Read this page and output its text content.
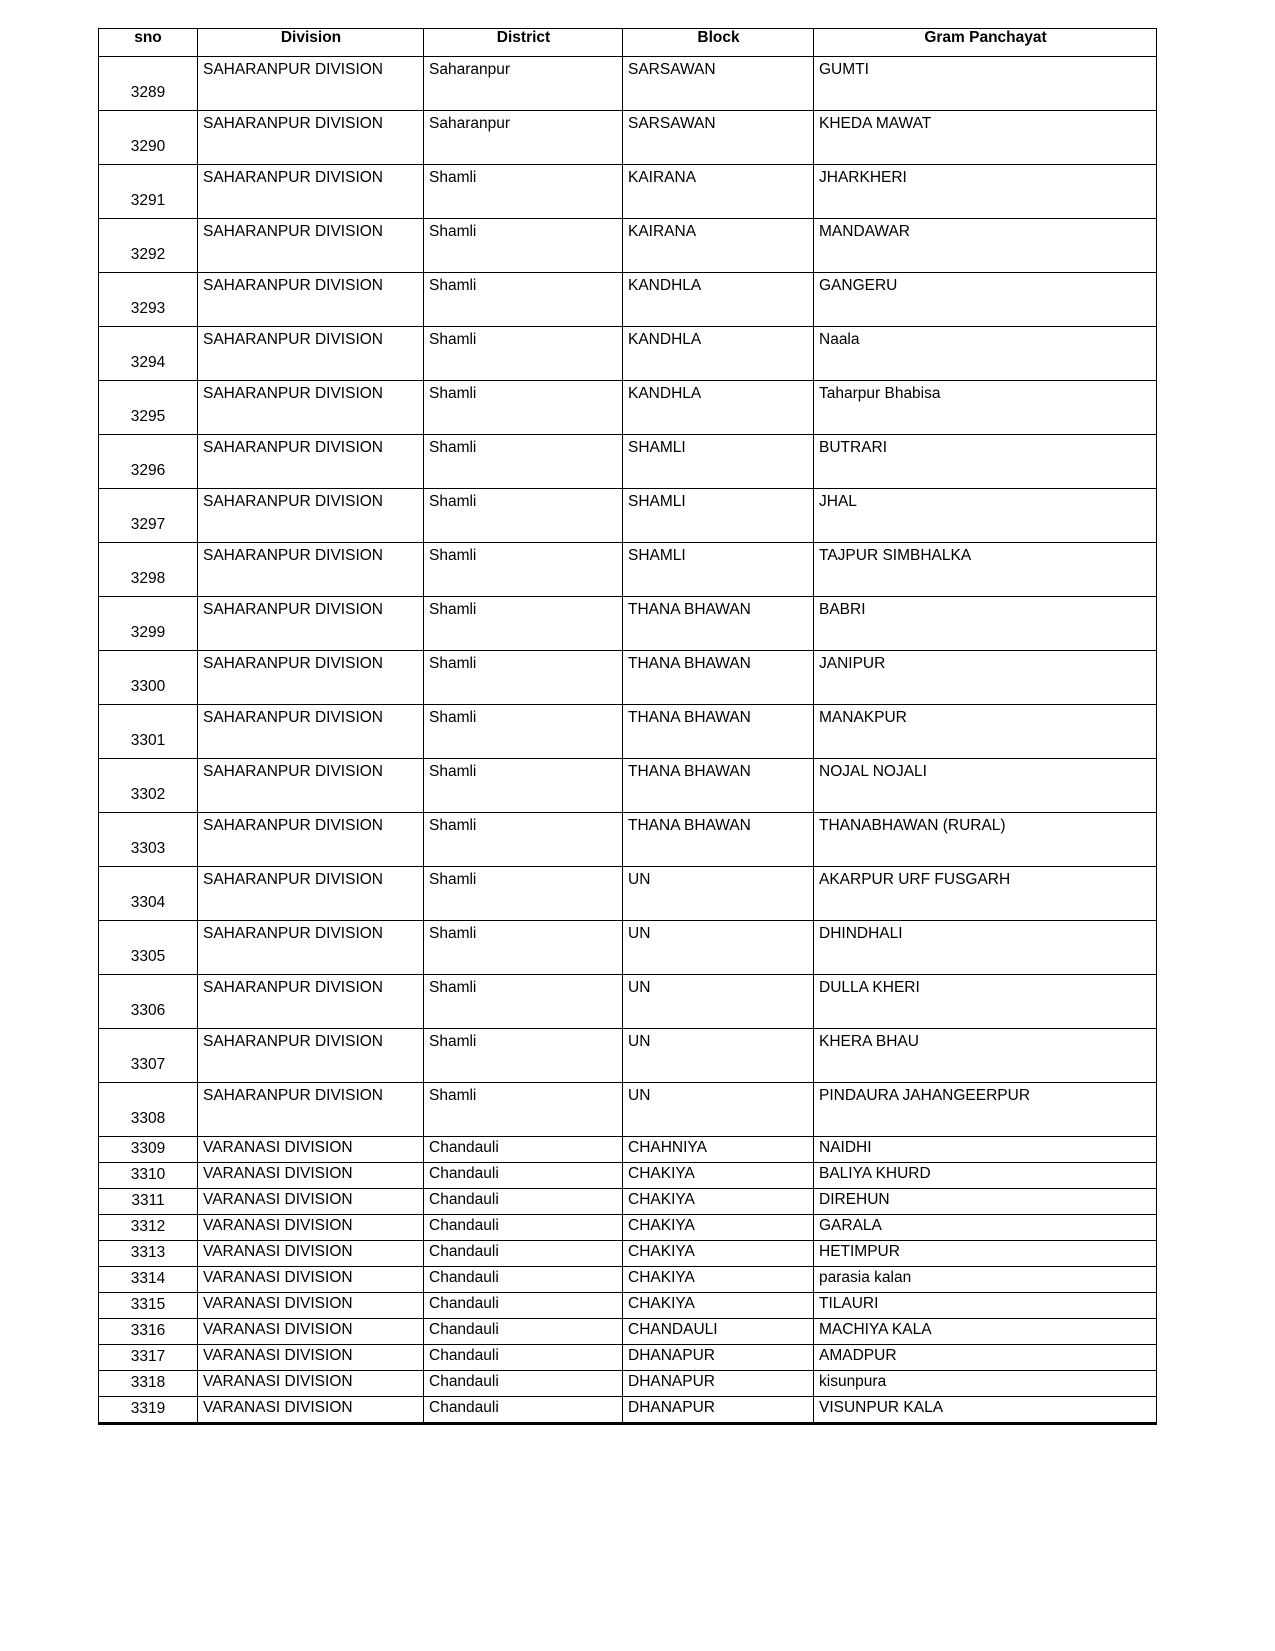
sno	Division	District	Block	Gram Panchayat

3289	SAHARANPUR DIVISION	Saharanpur	SARSAWAN	GUMTI

3290	SAHARANPUR DIVISION	Saharanpur	SARSAWAN	KHEDA MAWAT

3291	SAHARANPUR DIVISION	Shamli	KAIRANA	JHARKHERI

3292	SAHARANPUR DIVISION	Shamli	KAIRANA	MANDAWAR

3293	SAHARANPUR DIVISION	Shamli	KANDHLA	GANGERU

3294	SAHARANPUR DIVISION	Shamli	KANDHLA	Naala

3295	SAHARANPUR DIVISION	Shamli	KANDHLA	Taharpur Bhabisa

3296	SAHARANPUR DIVISION	Shamli	SHAMLI	BUTRARI

3297	SAHARANPUR DIVISION	Shamli	SHAMLI	JHAL

3298	SAHARANPUR DIVISION	Shamli	SHAMLI	TAJPUR SIMBHALKA

3299	SAHARANPUR DIVISION	Shamli	THANA BHAWAN	BABRI

3300	SAHARANPUR DIVISION	Shamli	THANA BHAWAN	JANIPUR

3301	SAHARANPUR DIVISION	Shamli	THANA BHAWAN	MANAKPUR

3302	SAHARANPUR DIVISION	Shamli	THANA BHAWAN	NOJAL NOJALI

3303	SAHARANPUR DIVISION	Shamli	THANA BHAWAN	THANABHAWAN (RURAL)

3304	SAHARANPUR DIVISION	Shamli	UN	AKARPUR URF FUSGARH

3305	SAHARANPUR DIVISION	Shamli	UN	DHINDHALI

3306	SAHARANPUR DIVISION	Shamli	UN	DULLA KHERI

3307	SAHARANPUR DIVISION	Shamli	UN	KHERA BHAU

3308	SAHARANPUR DIVISION	Shamli	UN	PINDAURA JAHANGEERPUR

3309	VARANASI DIVISION	Chandauli	CHAHNIYA	NAIDHI

3310	VARANASI DIVISION	Chandauli	CHAKIYA	BALIYA KHURD

3311	VARANASI DIVISION	Chandauli	CHAKIYA	DIREHUN

3312	VARANASI DIVISION	Chandauli	CHAKIYA	GARALA

3313	VARANASI DIVISION	Chandauli	CHAKIYA	HETIMPUR

3314	VARANASI DIVISION	Chandauli	CHAKIYA	parasia kalan

3315	VARANASI DIVISION	Chandauli	CHAKIYA	TILAURI

3316	VARANASI DIVISION	Chandauli	CHANDAULI	MACHIYA KALA

3317	VARANASI DIVISION	Chandauli	DHANAPUR	AMADPUR

3318	VARANASI DIVISION	Chandauli	DHANAPUR	kisunpura

3319	VARANASI DIVISION	Chandauli	DHANAPUR	VISUNPUR KALA
